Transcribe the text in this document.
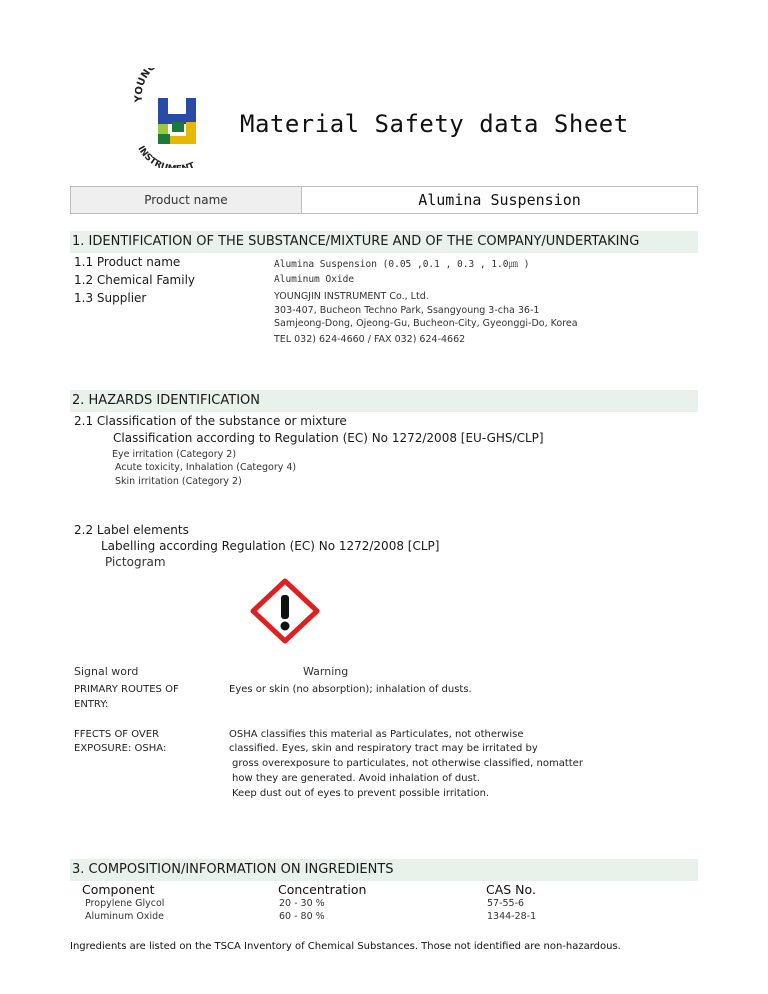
YOUN
INSTRU T
Material Safety data Sheet
Product name	Alumina Suspension
1. IDENTIFICATION OF THE SUBSTANCE/MIXTURE AND OF THE COMPANY/UNDERTAKING
1.1 Product name	Alumina Suspension (0.05 ,0.1 , 0.3 , 1.0㎛ )
1.2 Chemical Family	Aluminum Oxide
1.3 Supplier	YOUNGJIN INSTRUMENT Co., Ltd.
303-407, Bucheon Techno Park, Ssangyoung 3-cha 36-1
Samjeong-Dong, Ojeong-Gu, Bucheon-City, Gyeonggi-Do, Korea
TEL 032) 624-4660 / FAX 032) 624-4662
2. HAZARDS IDENTIFICATION
2.1 Classification of the substance or mixture
Classification according to Regulation (EC) No 1272/2008 [EU-GHS/CLP]
Eye irritation (Category 2)
Acute toxicity, Inhalation (Category 4)
Skin irritation (Category 2)
2.2 Label elements
Labelling according Regulation (EC) No 1272/2008 [CLP]
Pictogram
Signal word	Warning
PRIMARY ROUTES OF
ENTRY:
Eyes or skin (no absorption); inhalation of dusts.
FFECTS OF OVER
EXPOSURE: OSHA:
OSHA classifies this material as Particulates, not otherwise
classified. Eyes, skin and respiratory tract may be irritated by
gross overexposure to particulates, not otherwise classified, nomatter
how they are generated. Avoid inhalation of dust.
Keep dust out of eyes to prevent possible irritation.
3. COMPOSITION/INFORMATION ON INGREDIENTS
Component	Concentration	CAS No.
Propylene Glycol	20 - 30 %	57-55-6
Aluminum Oxide	60 - 80 %	1344-28-1
Ingredients are listed on the TSCA Inventory of Chemical Substances. Those not identified are non-hazardous.
